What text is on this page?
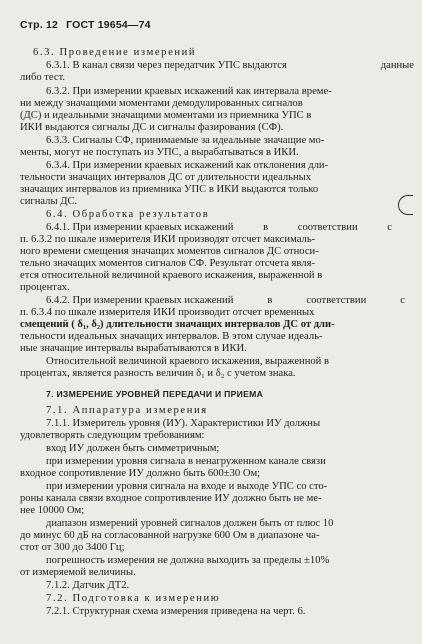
Стр. 12 ГОСТ 19654—74
6.3. Проведение измерений
6.3.1. В канал связи через передатчик УПС выдаются	данные
либо тест.
6.3.2. При измерении краевых искажений как интервала време-
ни между значащими моментами демодулированных сигналов
(ДС) и идеальными значащими моментами из приемника УПС в
ИКИ выдаются сигналы ДС и сигналы фазирования (СФ).
6.3.3. Сигналы СФ, принимаемые за идеальные значащие мо-
менты, могут не поступать из УПС, а вырабатываться в ИКИ.
6.3.4. При измерении краевых искажений как отклонения дли-
тельности значащих интервалов ДС от длительности идеальных
значащих интервалов из приемника УПС в ИКИ выдаются только
сигналы ДС.
6.4. Обработка результатов
6.4.1. При измерении краевых искажений	в	соответствии	с
п. 6.3.2 по шкале измерителя ИКИ производят отсчет максималь-
ного времени смещения значащих моментов сигналов ДС относи-
тельно значащих моментов сигналов СФ. Результат отсчета явля-
ется относительной величиной краевого искажения, выраженной в
процентах.
6.4.2. При измерении краевых искажений	в	соответствии	с
п. 6.3.4 по шкале измерителя ИКИ производит отсчет временных
смещений ( δ₁, δ₂) длительности значащих интервалов ДС от дли-
тельности идеальных значащих интервалов. В этом случае идеаль-
ные значащие интервалы вырабатываются в ИКИ.
Относительной величиной краевого искажения, выраженной в
процентах, является разность величин δ₁ и δ₂ с учетом знака.
7. ИЗМЕРЕНИЕ УРОВНЕЙ ПЕРЕДАЧИ И ПРИЕМА
7.1. Аппаратура измерения
7.1.1. Измеритель уровня (ИУ). Характеристики ИУ должны
удовлетворять следующим требованиям:
вход ИУ должен быть симметричным;
при измерении уровня сигнала в ненагруженном канале связи
входное сопротивление ИУ должно быть 600±30 Ом;
при измерении уровня сигнала на входе и выходе УПС со сто-
роны канала связи входное сопротивление ИУ должно быть не ме-
нее 10000 Ом;
диапазон измерений уровней сигналов должен быть от плюс 10
до минус 60 дБ на согласованной нагрузке 600 Ом в диапазоне ча-
стот от 300 до 3400 Гц;
погрешность измерения не должна выходить за пределы ±10%
от измеряемой величины.
7.1.2. Датчик ДТ2.
7.2. Подготовка к измерению
7.2.1. Структурная схема измерения приведена на черт. 6.
